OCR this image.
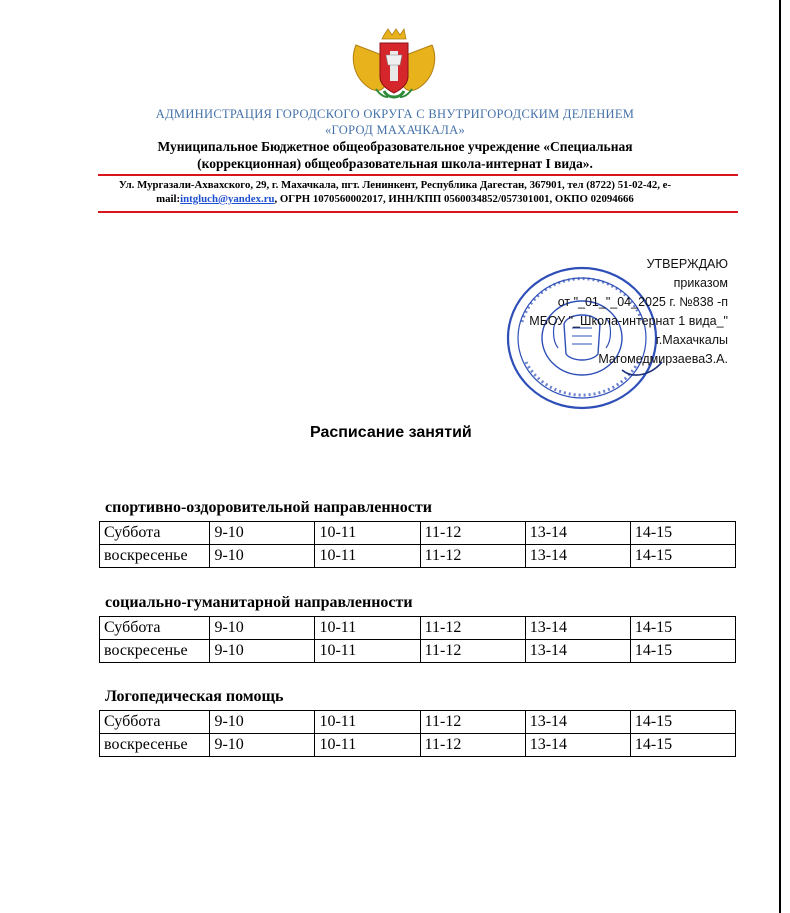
АДМИНИСТРАЦИЯ ГОРОДСКОГО ОКРУГА С ВНУТРИГОРОДСКИМ ДЕЛЕНИЕМ
«ГОРОД МАХАЧКАЛА»
Муниципальное Бюджетное общеобразовательное учреждение «Специальная
(коррекционная) общеобразовательная школа-интернат I вида».
Ул. Мургазали-Ахвахского, 29, г. Махачкала, пгт. Ленинкент, Республика Дагестан, 367901, тел (8722) 51-02-42, e-
mail:intgluch@yandex.ru, ОГРН 1070560002017, ИНН/КПП 0560034852/057301001, ОКПО 02094666
УТВЕРЖДАЮ
приказом
от "_01_"_04_2025 г. №838 -п
МБОУ "_Школа-интернат 1 вида_"
г.Махачкалы
МагомедмирзаеваЗ.А.
Расписание занятий
спортивно-оздоровительной направленности
Суббота	9-10	10-11	11-12	13-14	14-15
воскресенье	9-10	10-11	11-12	13-14	14-15
социально-гуманитарной направленности
Суббота	9-10	10-11	11-12	13-14	14-15
воскресенье	9-10	10-11	11-12	13-14	14-15
Логопедическая помощь
Суббота	9-10	10-11	11-12	13-14	14-15
воскресенье	9-10	10-11	11-12	13-14	14-15
